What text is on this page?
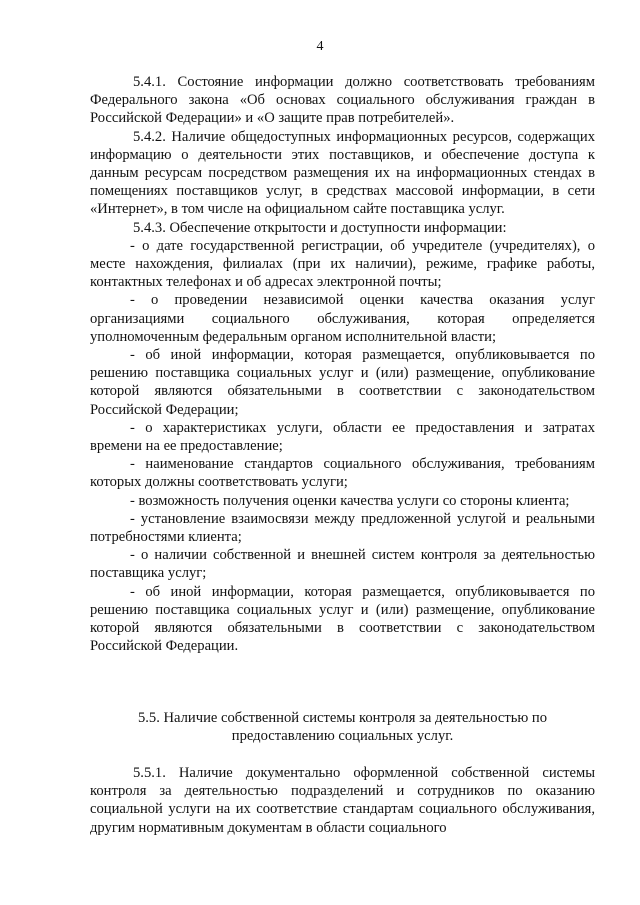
4

5.4.1. Состояние информации должно соответствовать требованиям Федерального закона «Об основах социального обслуживания граждан в Российской Федерации» и «О защите прав потребителей».

5.4.2. Наличие общедоступных информационных ресурсов, содержащих информацию о деятельности этих поставщиков, и обеспечение доступа к данным ресурсам посредством размещения их на информационных стендах в помещениях поставщиков услуг, в средствах массовой информации, в сети «Интернет», в том числе на официальном сайте поставщика услуг.

5.4.3. Обеспечение открытости и доступности информации:

- о дате государственной регистрации, об учредителе (учредителях), о месте нахождения, филиалах (при их наличии), режиме, графике работы, контактных телефонах и об адресах электронной почты;

- о проведении независимой оценки качества оказания услуг организациями социального обслуживания, которая определяется уполномоченным федеральным органом исполнительной власти;

- об иной информации, которая размещается, опубликовывается по решению поставщика социальных услуг и (или) размещение, опубликование которой являются обязательными в соответствии с законодательством Российской Федерации;

- о характеристиках услуги, области ее предоставления и затратах времени на ее предоставление;

- наименование стандартов социального обслуживания, требованиям которых должны соответствовать услуги;

- возможность получения оценки качества услуги со стороны клиента;

- установление взаимосвязи между предложенной услугой и реальными потребностями клиента;

- о наличии собственной и внешней систем контроля за деятельностью поставщика услуг;

- об иной информации, которая размещается, опубликовывается по решению поставщика социальных услуг и (или) размещение, опубликование которой являются обязательными в соответствии с законодательством Российской Федерации.

5.5. Наличие собственной системы контроля за деятельностью по
предоставлению социальных услуг.

5.5.1. Наличие документально оформленной собственной системы контроля за деятельностью подразделений и сотрудников по оказанию социальной услуги на их соответствие стандартам социального обслуживания, другим нормативным документам в области социального
